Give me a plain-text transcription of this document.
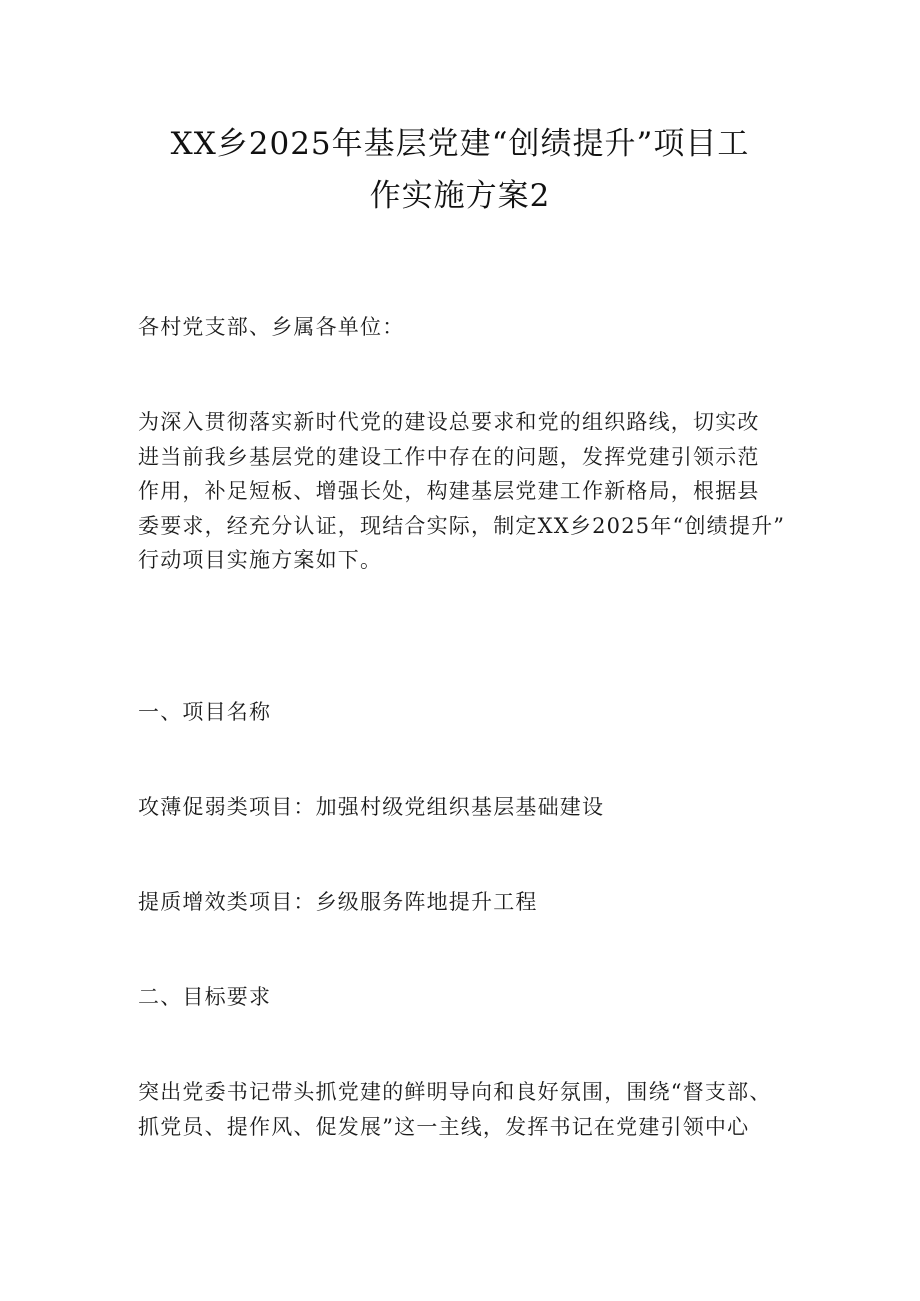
XX乡2025年基层党建“创绩提升”项目工
作实施方案2
各村党支部、乡属各单位：
为深入贯彻落实新时代党的建设总要求和党的组织路线，切实改
进当前我乡基层党的建设工作中存在的问题，发挥党建引领示范
作用，补足短板、增强长处，构建基层党建工作新格局，根据县
委要求，经充分认证，现结合实际，制定XX乡2025年“创绩提升”
行动项目实施方案如下。
一、项目名称
攻薄促弱类项目：加强村级党组织基层基础建设
提质增效类项目：乡级服务阵地提升工程
二、目标要求
突出党委书记带头抓党建的鲜明导向和良好氛围，围绕“督支部、
抓党员、提作风、促发展”这一主线，发挥书记在党建引领中心
